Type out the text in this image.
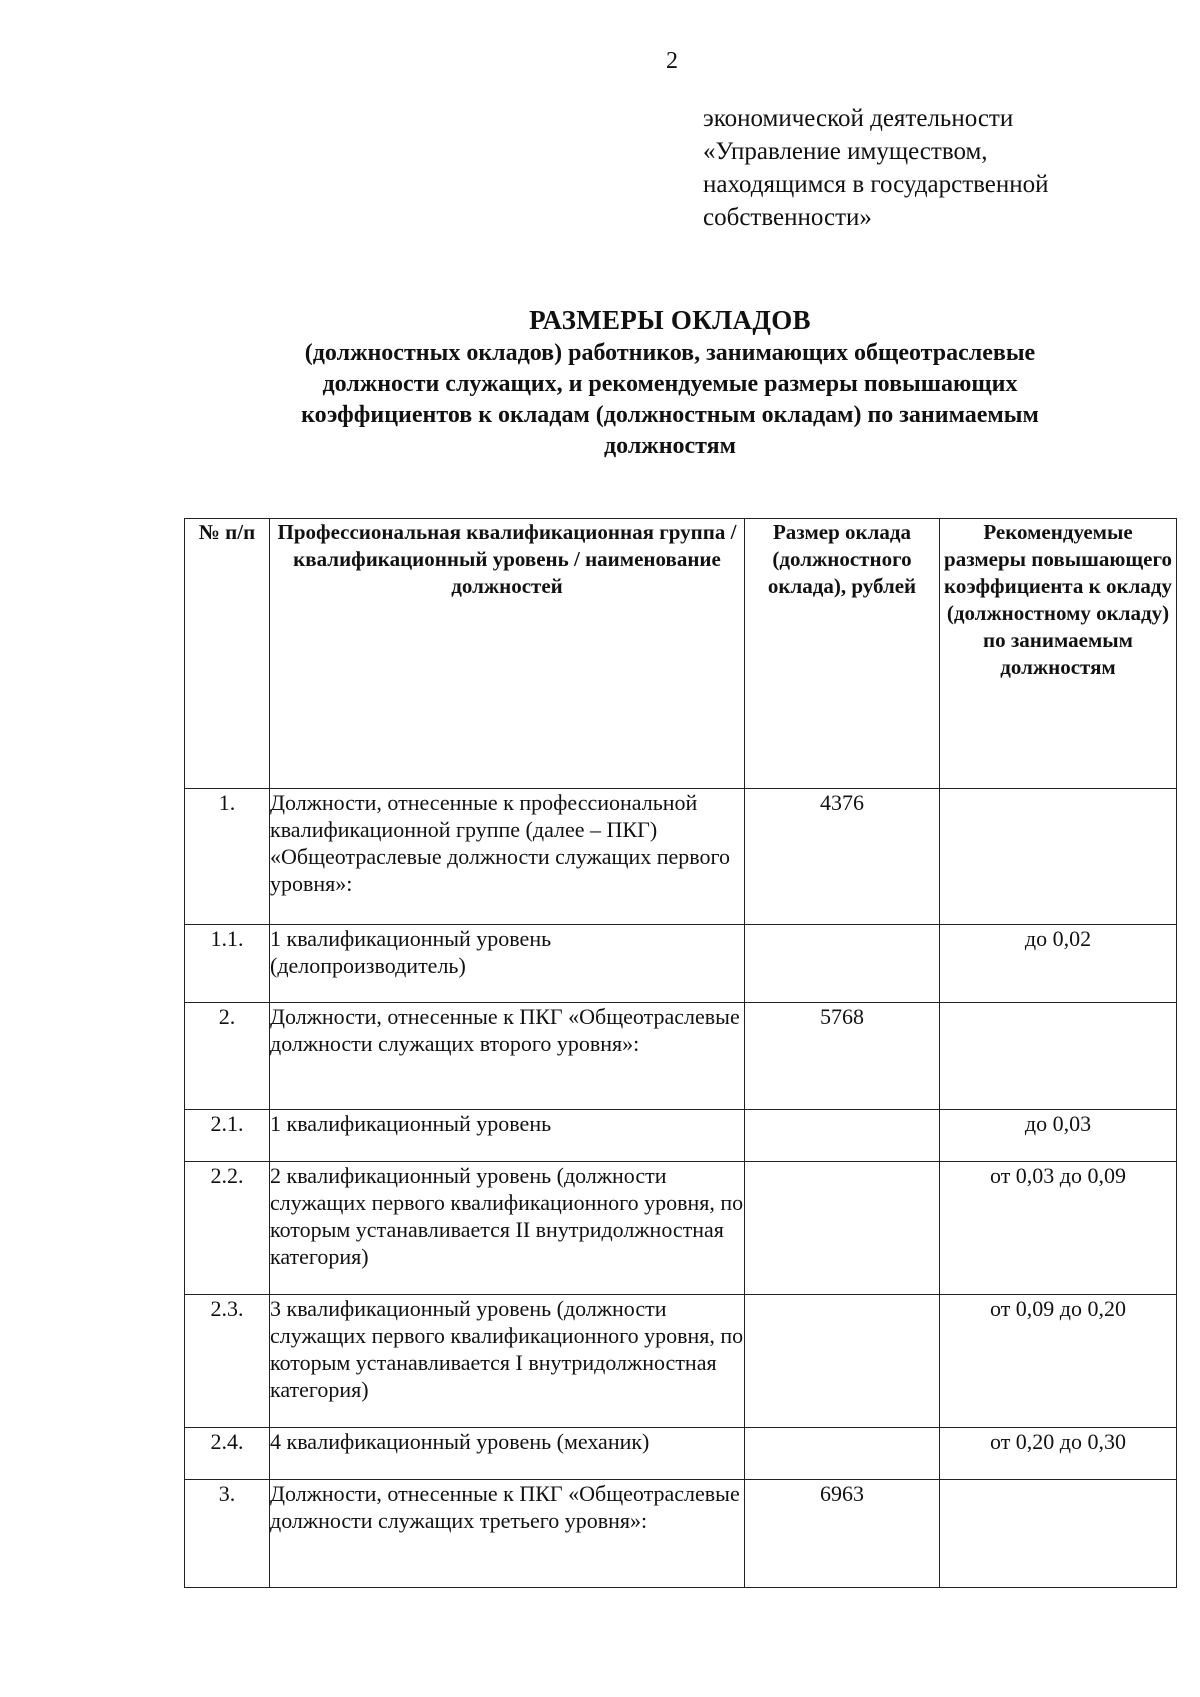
2
экономической деятельности
«Управление имуществом,
находящимся в государственной
собственности»
РАЗМЕРЫ ОКЛАДОВ
(должностных окладов) работников, занимающих общеотраслевые
должности служащих, и рекомендуемые размеры повышающих
коэффициентов к окладам (должностным окладам) по занимаемым
должностям
№ п/п	Профессиональная квалификационная группа / квалификационный уровень / наименование должностей	Размер оклада (должностного оклада), рублей	Рекомендуемые размеры повышающего коэффициента к окладу (должностному окладу) по занимаемым должностям
1.	Должности, отнесенные к профессиональной квалификационной группе (далее – ПКГ) «Общеотраслевые должности служащих первого уровня»:	4376	
1.1.	1 квалификационный уровень (делопроизводитель)		до 0,02
2.	Должности, отнесенные к ПКГ «Общеотраслевые должности служащих второго уровня»:	5768	
2.1.	1 квалификационный уровень		до 0,03
2.2.	2 квалификационный уровень (должности служащих первого квалификационного уровня, по которым устанавливается II внутридолжностная категория)		от 0,03 до 0,09
2.3.	3 квалификационный уровень (должности служащих первого квалификационного уровня, по которым устанавливается I внутридолжностная категория)		от 0,09 до 0,20
2.4.	4 квалификационный уровень (механик)		от 0,20 до 0,30
3.	Должности, отнесенные к ПКГ «Общеотраслевые должности служащих третьего уровня»:	6963	
